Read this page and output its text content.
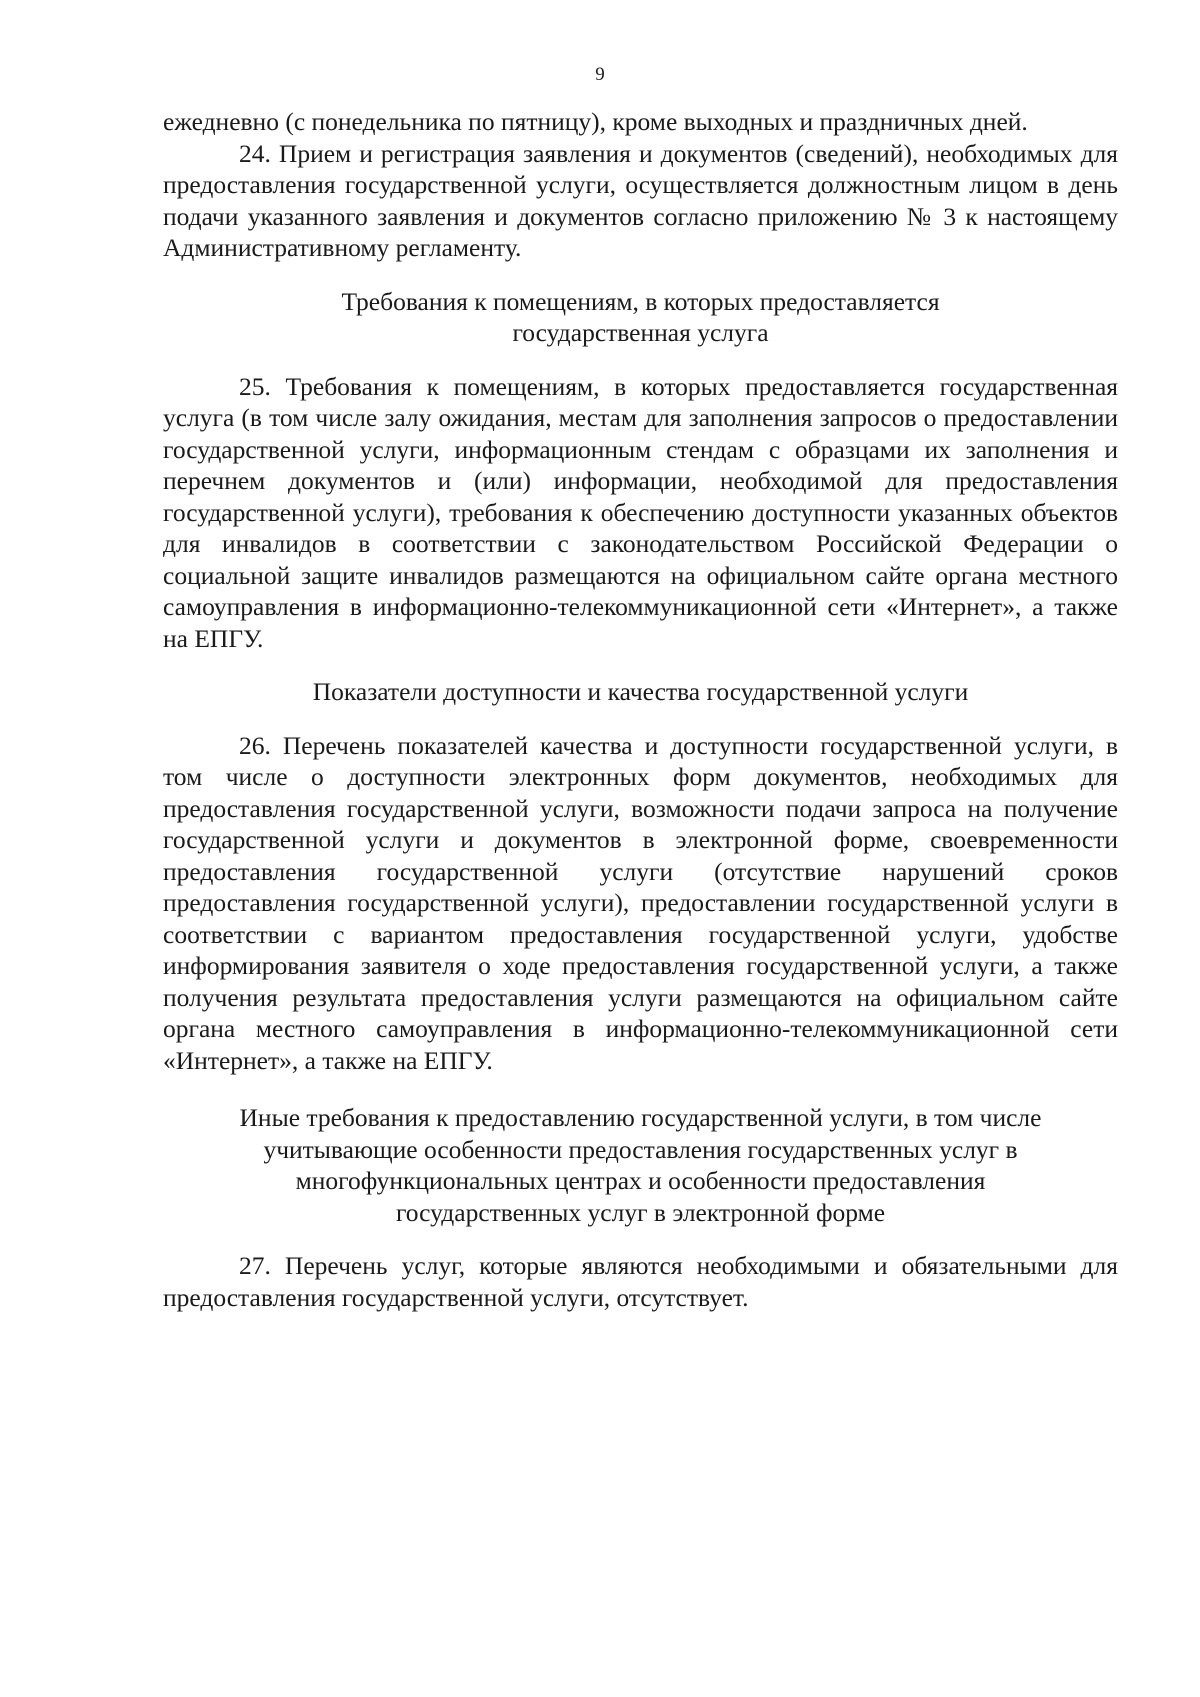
9

ежедневно (с понедельника по пятницу), кроме выходных и праздничных дней.

24. Прием и регистрация заявления и документов (сведений), необходимых для предоставления государственной услуги, осуществляется должностным лицом в день подачи указанного заявления и документов согласно приложению № 3 к настоящему Административному регламенту.

Требования к помещениям, в которых предоставляется
государственная услуга

25. Требования к помещениям, в которых предоставляется государственная услуга (в том числе залу ожидания, местам для заполнения запросов о предоставлении государственной услуги, информационным стендам с образцами их заполнения и перечнем документов и (или) информации, необходимой для предоставления государственной услуги), требования к обеспечению доступности указанных объектов для инвалидов в соответствии с законодательством Российской Федерации о социальной защите инвалидов размещаются на официальном сайте органа местного самоуправления в информационно-телекоммуникационной сети «Интернет», а также на ЕПГУ.

Показатели доступности и качества государственной услуги

26. Перечень показателей качества и доступности государственной услуги, в том числе о доступности электронных форм документов, необходимых для предоставления государственной услуги, возможности подачи запроса на получение государственной услуги и документов в электронной форме, своевременности предоставления государственной услуги (отсутствие нарушений сроков предоставления государственной услуги), предоставлении государственной услуги в соответствии с вариантом предоставления государственной услуги, удобстве информирования заявителя о ходе предоставления государственной услуги, а также получения результата предоставления услуги размещаются на официальном сайте органа местного самоуправления в информационно-телекоммуникационной сети «Интернет», а также на ЕПГУ.

Иные требования к предоставлению государственной услуги, в том числе
учитывающие особенности предоставления государственных услуг в
многофункциональных центрах и особенности предоставления
государственных услуг в электронной форме

27. Перечень услуг, которые являются необходимыми и обязательными для предоставления государственной услуги, отсутствует.
